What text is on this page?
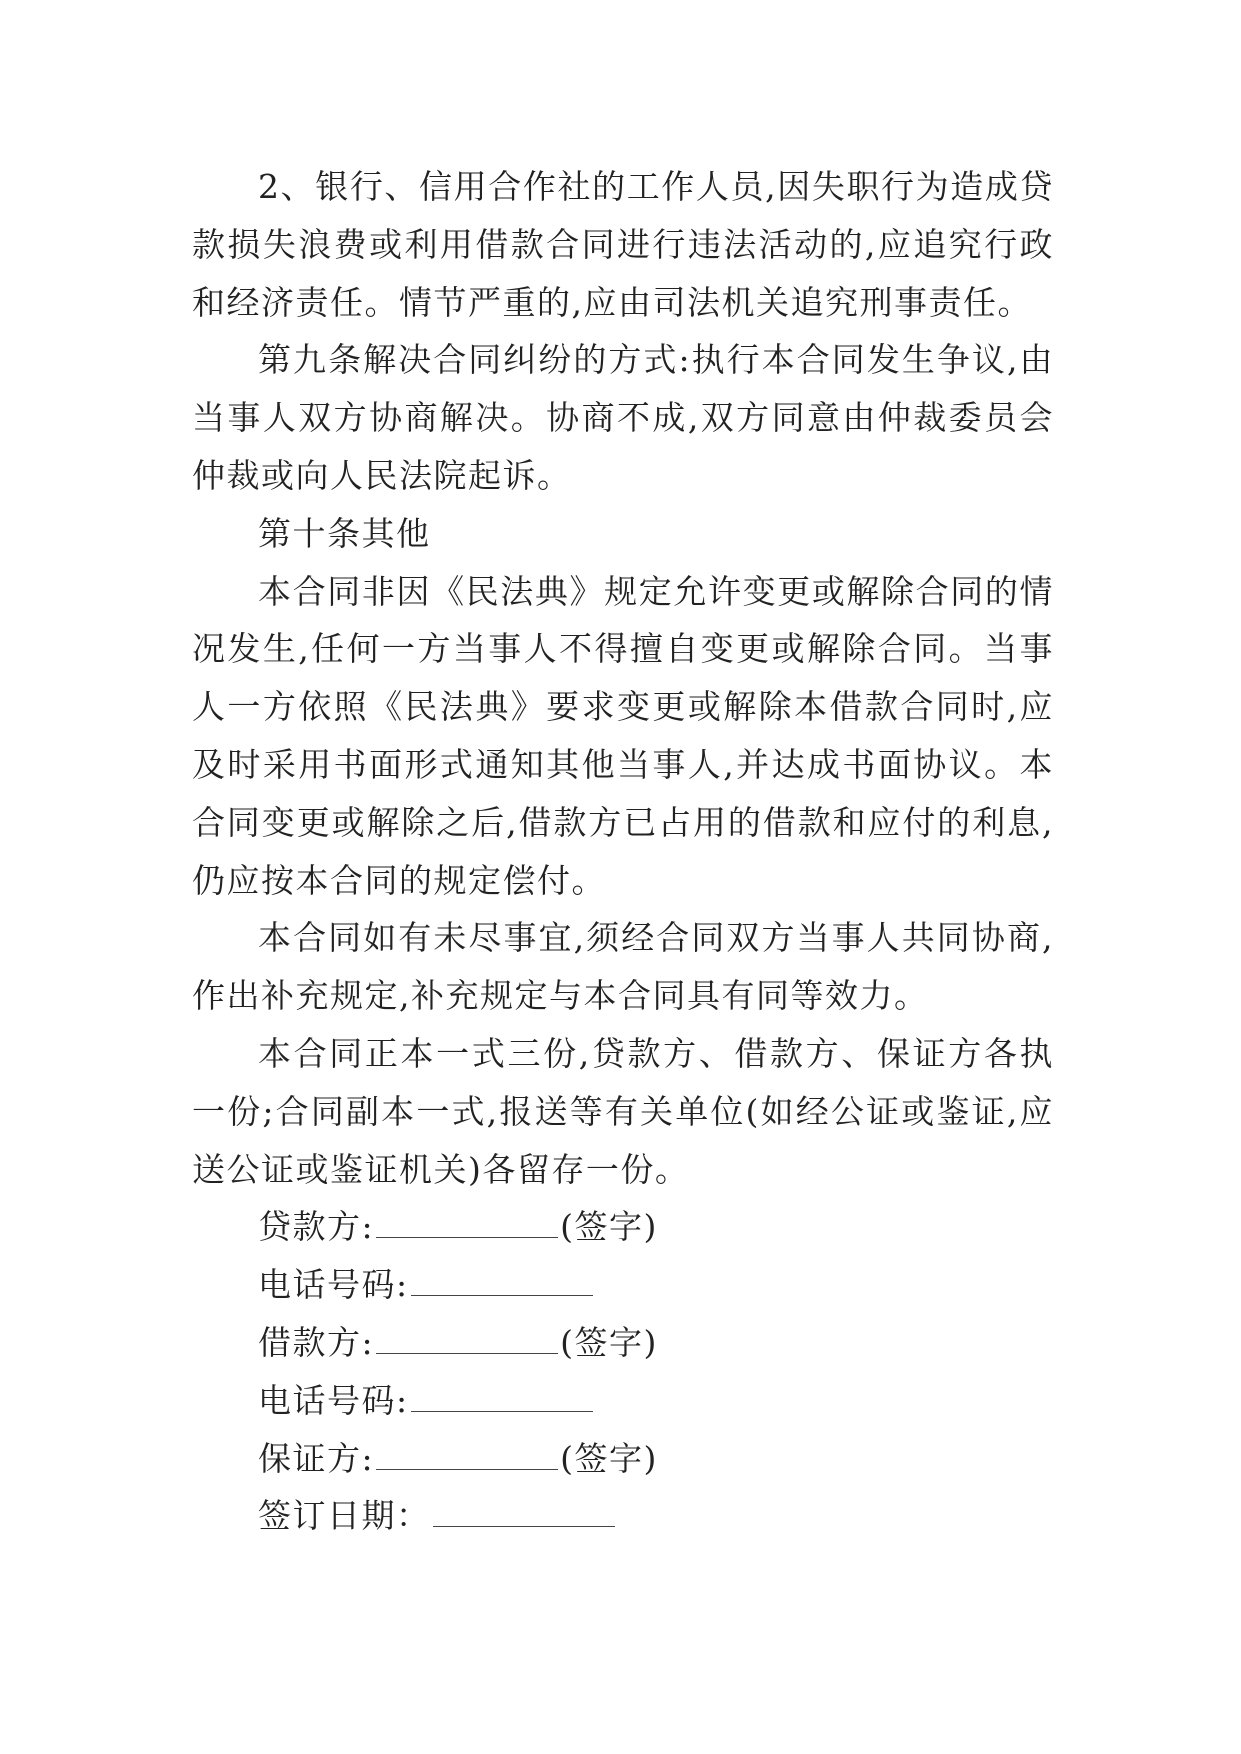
2、银行、信用合作社的工作人员,因失职行为造成贷款损失浪费或利用借款合同进行违法活动的,应追究行政和经济责任。情节严重的,应由司法机关追究刑事责任。

第九条解决合同纠纷的方式:执行本合同发生争议,由当事人双方协商解决。协商不成,双方同意由仲裁委员会仲裁或向人民法院起诉。

第十条其他

本合同非因《民法典》规定允许变更或解除合同的情况发生,任何一方当事人不得擅自变更或解除合同。当事人一方依照《民法典》要求变更或解除本借款合同时,应及时采用书面形式通知其他当事人,并达成书面协议。本合同变更或解除之后,借款方已占用的借款和应付的利息,仍应按本合同的规定偿付。

本合同如有未尽事宜,须经合同双方当事人共同协商,作出补充规定,补充规定与本合同具有同等效力。

本合同正本一式三份,贷款方、借款方、保证方各执一份;合同副本一式,报送等有关单位(如经公证或鉴证,应送公证或鉴证机关)各留存一份。

贷款方:	(签字)
电话号码:
借款方:	(签字)
电话号码:
保证方:	(签字)
签订日期：
